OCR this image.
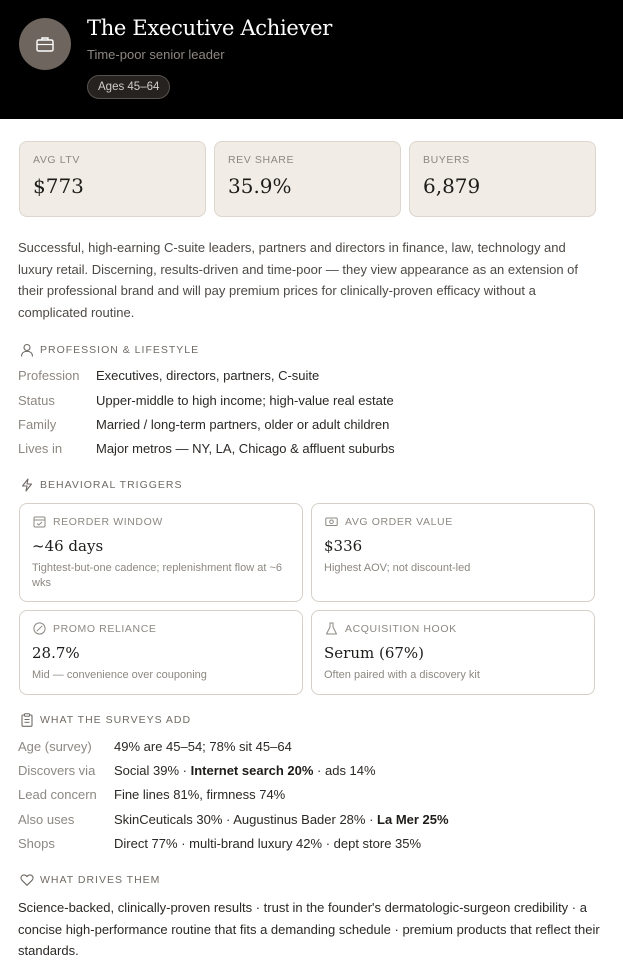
The Executive Achiever
Time-poor senior leader
Ages 45–64
AVG LTV
$773
REV SHARE
35.9%
BUYERS
6,879
Successful, high-earning C-suite leaders, partners and directors in finance, law, technology and luxury retail. Discerning, results-driven and time-poor — they view appearance as an extension of their professional brand and will pay premium prices for clinically-proven efficacy without a complicated routine.
PROFESSION & LIFESTYLE
Profession Executives, directors, partners, C-suite
Status	Upper-middle to high income; high-value real estate
Family	Married / long-term partners, older or adult children
Lives in	Major metros — NY, LA, Chicago & affluent suburbs
BEHAVIORAL TRIGGERS
REORDER WINDOW
~46 days
Tightest-but-one cadence; replenishment flow at ~6 wks
AVG ORDER VALUE
$336
Highest AOV; not discount-led
PROMO RELIANCE
28.7%
Mid — convenience over couponing
ACQUISITION HOOK
Serum (67%)
Often paired with a discovery kit
WHAT THE SURVEYS ADD
Age (survey) 49% are 45–54; 78% sit 45–64
Discovers via Social 39% · Internet search 20% · ads 14%
Lead concern Fine lines 81%, firmness 74%
Also uses	SkinCeuticals 30% · Augustinus Bader 28% · La Mer 25%
Shops	Direct 77% · multi-brand luxury 42% · dept store 35%
WHAT DRIVES THEM
Science-backed, clinically-proven results · trust in the founder's dermatologic-surgeon credibility · a concise high-performance routine that fits a demanding schedule · premium products that reflect their standards.
